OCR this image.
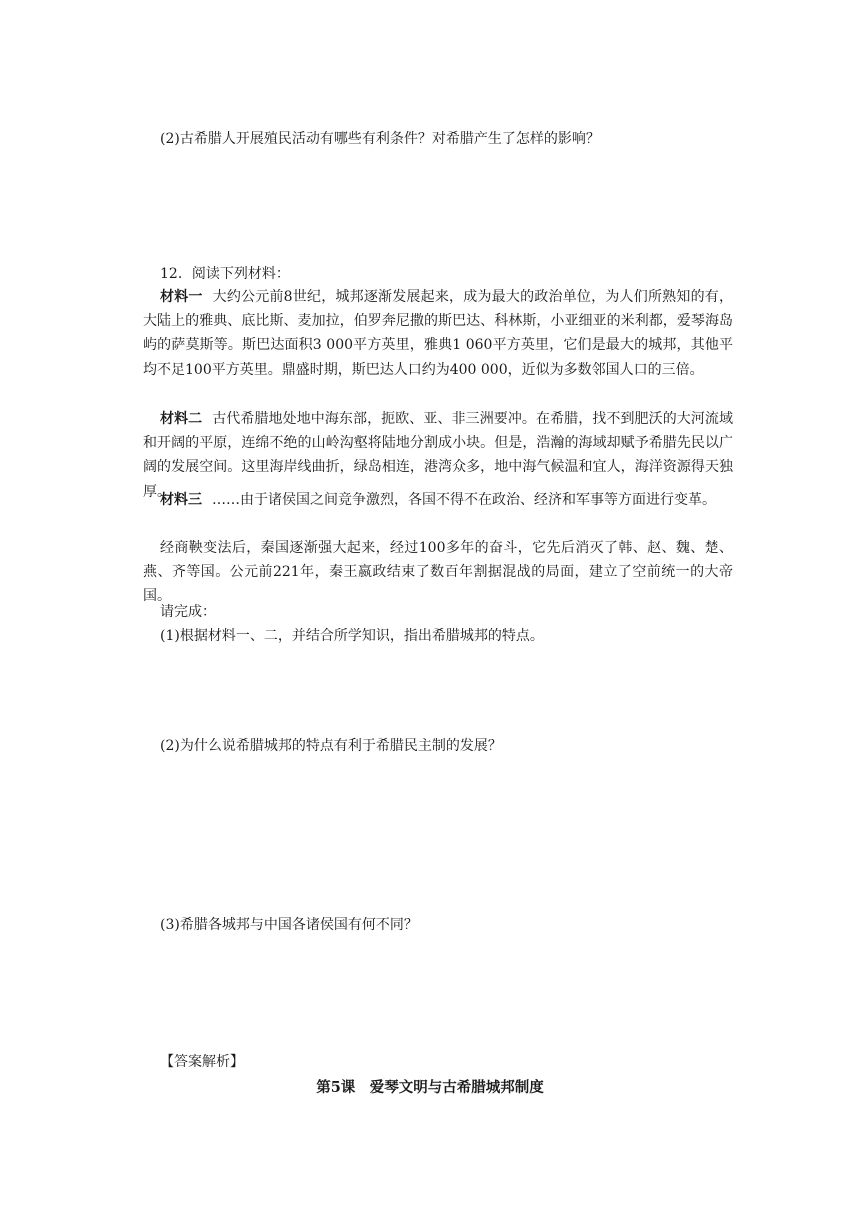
(2)古希腊人开展殖民活动有哪些有利条件？对希腊产生了怎样的影响？
12．阅读下列材料：

材料一 大约公元前8世纪，城邦逐渐发展起来，成为最大的政治单位，为人们所熟知的有，大陆上的雅典、底比斯、麦加拉，伯罗奔尼撒的斯巴达、科林斯，小亚细亚的米利都，爱琴海岛屿的萨莫斯等。斯巴达面积3 000平方英里，雅典1 060平方英里，它们是最大的城邦，其他平均不足100平方英里。鼎盛时期，斯巴达人口约为400 000，近似为多数邻国人口的三倍。

材料二 古代希腊地处地中海东部，扼欧、亚、非三洲要冲。在希腊，找不到肥沃的大河流域和开阔的平原，连绵不绝的山岭沟壑将陆地分割成小块。但是，浩瀚的海域却赋予希腊先民以广阔的发展空间。这里海岸线曲折，绿岛相连，港湾众多，地中海气候温和宜人，海洋资源得天独厚。

材料三 ……由于诸侯国之间竞争激烈，各国不得不在政治、经济和军事等方面进行变革。

经商鞅变法后，秦国逐渐强大起来，经过100多年的奋斗，它先后消灭了韩、赵、魏、楚、燕、齐等国。公元前221年，秦王嬴政结束了数百年割据混战的局面，建立了空前统一的大帝国。

请完成：
(1)根据材料一、二，并结合所学知识，指出希腊城邦的特点。
(2)为什么说希腊城邦的特点有利于希腊民主制的发展？
(3)希腊各城邦与中国各诸侯国有何不同？
【答案解析】
第5课　爱琴文明与古希腊城邦制度
